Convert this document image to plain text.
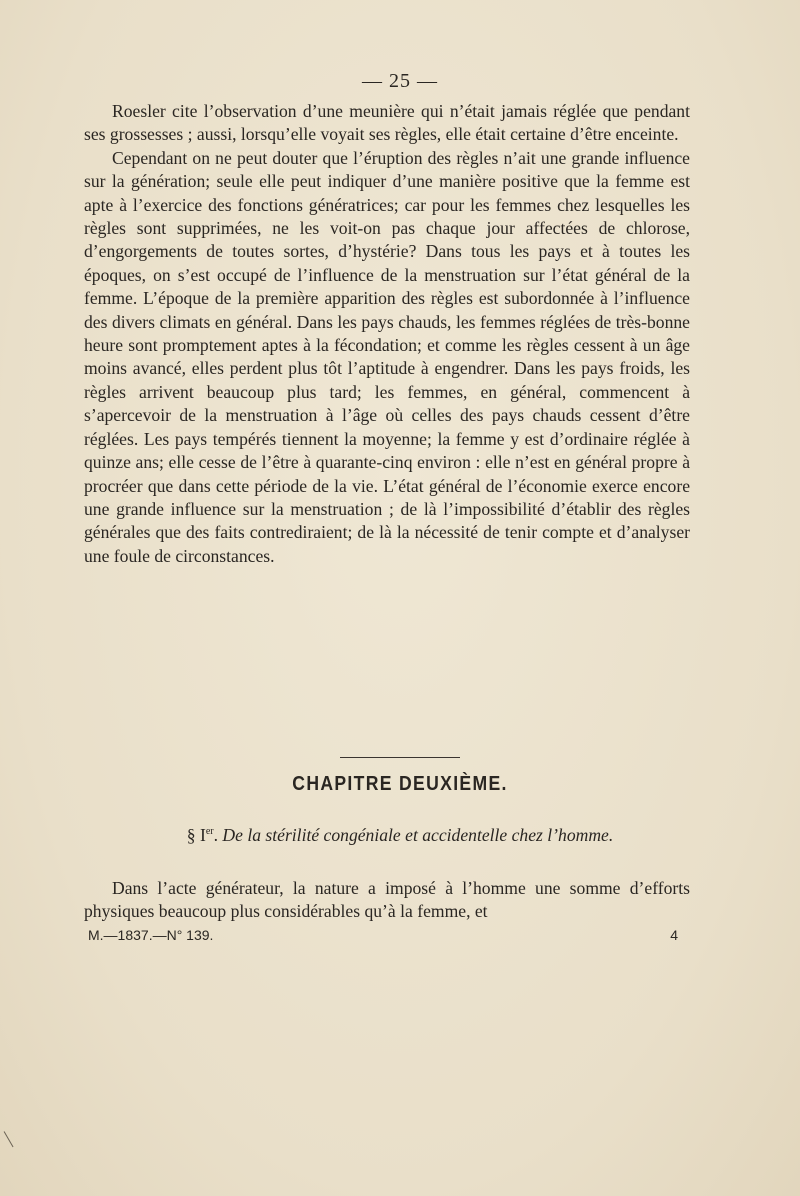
— 25 —

Roesler cite l’observation d’une meunière qui n’était jamais réglée que pendant ses grossesses ; aussi, lorsqu’elle voyait ses règles, elle était certaine d’être enceinte.

Cependant on ne peut douter que l’éruption des règles n’ait une grande influence sur la génération; seule elle peut indiquer d’une manière positive que la femme est apte à l’exercice des fonctions génératrices; car pour les femmes chez lesquelles les règles sont supprimées, ne les voit-on pas chaque jour affectées de chlorose, d’engorgements de toutes sortes, d’hystérie? Dans tous les pays et à toutes les époques, on s’est occupé de l’influence de la menstruation sur l’état général de la femme. L’époque de la première apparition des règles est subordonnée à l’influence des divers climats en général. Dans les pays chauds, les femmes réglées de très-bonne heure sont promptement aptes à la fécondation; et comme les règles cessent à un âge moins avancé, elles perdent plus tôt l’aptitude à engendrer. Dans les pays froids, les règles arrivent beaucoup plus tard; les femmes, en général, commencent à s’apercevoir de la menstruation à l’âge où celles des pays chauds cessent d’être réglées. Les pays tempérés tiennent la moyenne; la femme y est d’ordinaire réglée à quinze ans; elle cesse de l’être à quarante-cinq environ : elle n’est en général propre à procréer que dans cette période de la vie. L’état général de l’économie exerce encore une grande influence sur la menstruation ; de là l’impossibilité d’établir des règles générales que des faits contrediraient; de là la nécessité de tenir compte et d’analyser une foule de circonstances.

CHAPITRE DEUXIÈME.
§ Ier. De la stérilité congéniale et accidentelle chez l’homme.

Dans l’acte générateur, la nature a imposé à l’homme une somme d’efforts physiques beaucoup plus considérables qu’à la femme, et

M.—1837.—N° 139.	4
